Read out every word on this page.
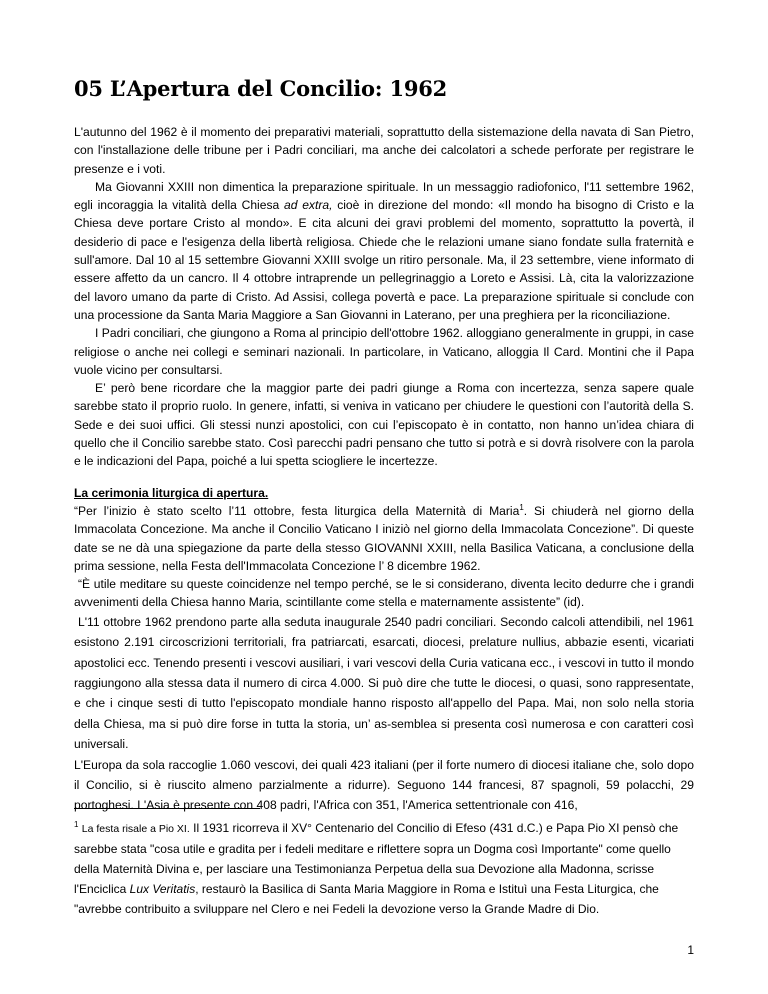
05 L’Apertura del Concilio: 1962

L'autunno del 1962 è il momento dei preparativi materiali, soprattutto della sistemazione della navata di San Pietro, con l'installazione delle tribune per i Padri conciliari, ma anche dei calcolatori a schede perforate per registrare le presenze e i voti.

Ma Giovanni XXIII non dimentica la preparazione spirituale. In un messaggio radiofonico, l'11 settembre 1962, egli incoraggia la vitalità della Chiesa ad extra, cioè in direzione del mondo: «Il mondo ha bisogno di Cristo e la Chiesa deve portare Cristo al mondo». E cita alcuni dei gravi problemi del momento, soprattutto la povertà, il desiderio di pace e l'esigenza della libertà religiosa. Chiede che le relazioni umane siano fondate sulla fraternità e sull'amore. Dal 10 al 15 settembre Giovanni XXIII svolge un ritiro personale. Ma, il 23 settembre, viene informato di essere affetto da un cancro. Il 4 ottobre intraprende un pellegrinaggio a Loreto e Assisi. Là, cita la valorizzazione del lavoro umano da parte di Cristo. Ad Assisi, collega povertà e pace. La preparazione spirituale si conclude con una processione da Santa Maria Maggiore a San Giovanni in Laterano, per una preghiera per la riconciliazione.

I Padri conciliari, che giungono a Roma al principio dell'ottobre 1962. alloggiano generalmente in gruppi, in case religiose o anche nei collegi e seminari nazionali. In particolare, in Vaticano, alloggia Il Card. Montini che il Papa vuole vicino per consultarsi.

E’ però bene ricordare che la maggior parte dei padri giunge a Roma con incertezza, senza sapere quale sarebbe stato il proprio ruolo. In genere, infatti, si veniva in vaticano per chiudere le questioni con l’autorità della S. Sede e dei suoi uffici. Gli stessi nunzi apostolici, con cui l’episcopato è in contatto, non hanno un’idea chiara di quello che il Concilio sarebbe stato. Così parecchi padri pensano che tutto si potrà e si dovrà risolvere con la parola e le indicazioni del Papa, poiché a lui spetta sciogliere le incertezze.

La cerimonia liturgica di apertura.

“Per l’inizio è stato scelto l’11 ottobre, festa liturgica della Maternità di Maria$^1$. Si chiuderà nel giorno della Immacolata Concezione. Ma anche il Concilio Vaticano I iniziò nel giorno della Immacolata Concezione”. Di queste date se ne dà una spiegazione da parte della stesso GIOVANNI XXIII, nella Basilica Vaticana, a conclusione della prima sessione, nella Festa dell'Immacolata Concezione l’ 8 dicembre 1962.

“È utile meditare su queste coincidenze nel tempo perché, se le si considerano, diventa lecito dedurre che i grandi avvenimenti della Chiesa hanno Maria, scintillante come stella e maternamente assistente” (id).

L'11 ottobre 1962 prendono parte alla seduta inaugurale 2540 padri conciliari. Secondo calcoli attendibili, nel 1961 esistono 2.191 circoscrizioni territoriali, fra patriarcati, esarcati, diocesi, prelature nullius, abbazie esenti, vicariati apostolici ecc. Tenendo presenti i vescovi ausiliari, i vari vescovi della Curia vaticana ecc., i vescovi in tutto il mondo raggiungono alla stessa data il numero di circa 4.000. Si può dire che tutte le diocesi, o quasi, sono rappresentate, e che i cinque sesti di tutto l'episcopato mondiale hanno risposto all'appello del Papa. Mai, non solo nella storia della Chiesa, ma si può dire forse in tutta la storia, un’ as-semblea si presenta così numerosa e con caratteri così universali.

L'Europa da sola raccoglie 1.060 vescovi, dei quali 423 italiani (per il forte numero di diocesi italiane che, solo dopo il Concilio, si è riuscito almeno parzialmente a ridurre). Seguono 144 francesi, 87 spagnoli, 59 polacchi, 29 portoghesi. L'Asia è presente con 408 padri, l'Africa con 351, l'America settentrionale con 416,

$^1$ La festa risale a Pio XI. Il 1931 ricorreva il XV° Centenario del Concilio di Efeso (431 d.C.) e Papa Pio XI pensò che sarebbe stata "cosa utile e gradita per i fedeli meditare e riflettere sopra un Dogma così Importante" come quello della Maternità Divina e, per lasciare una Testimonianza Perpetua della sua Devozione alla Madonna, scrisse l'Enciclica Lux Veritatis, restaurò la Basilica di Santa Maria Maggiore in Roma e Istituì una Festa Liturgica, che "avrebbe contribuito a sviluppare nel Clero e nei Fedeli la devozione verso la Grande Madre di Dio.
1
